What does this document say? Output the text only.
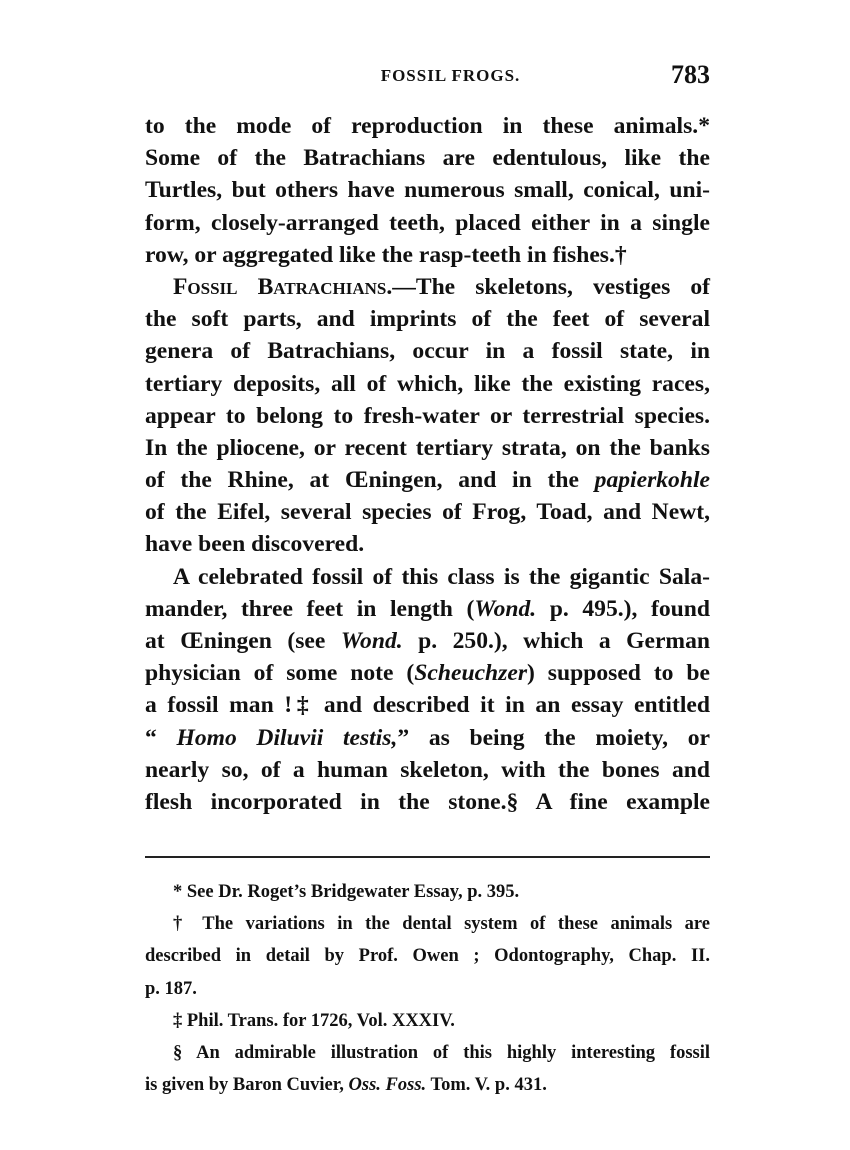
FOSSIL FROGS.	783
to the mode of reproduction in these animals.*
Some of the Batrachians are edentulous, like the
Turtles, but others have numerous small, conical, uni-
form, closely-arranged teeth, placed either in a single
row, or aggregated like the rasp-teeth in fishes.†
Fossil Batrachians.—The skeletons, vestiges of
the soft parts, and imprints of the feet of several
genera of Batrachians, occur in a fossil state, in
tertiary deposits, all of which, like the existing races,
appear to belong to fresh-water or terrestrial species.
In the pliocene, or recent tertiary strata, on the banks
of the Rhine, at Œningen, and in the papierkohle
of the Eifel, several species of Frog, Toad, and Newt,
have been discovered.
A celebrated fossil of this class is the gigantic Sala-
mander, three feet in length (Wond. p. 495.), found
at Œningen (see Wond. p. 250.), which a German
physician of some note (Scheuchzer) supposed to be
a fossil man !‡ and described it in an essay entitled
“ Homo Diluvii testis,” as being the moiety, or
nearly so, of a human skeleton, with the bones and
flesh incorporated in the stone.§ A fine example
* See Dr. Roget’s Bridgewater Essay, p. 395.
† The variations in the dental system of these animals are
described in detail by Prof. Owen ; Odontography, Chap. II.
p. 187.
‡ Phil. Trans. for 1726, Vol. XXXIV.
§ An admirable illustration of this highly interesting fossil
is given by Baron Cuvier, Oss. Foss. Tom. V. p. 431.
